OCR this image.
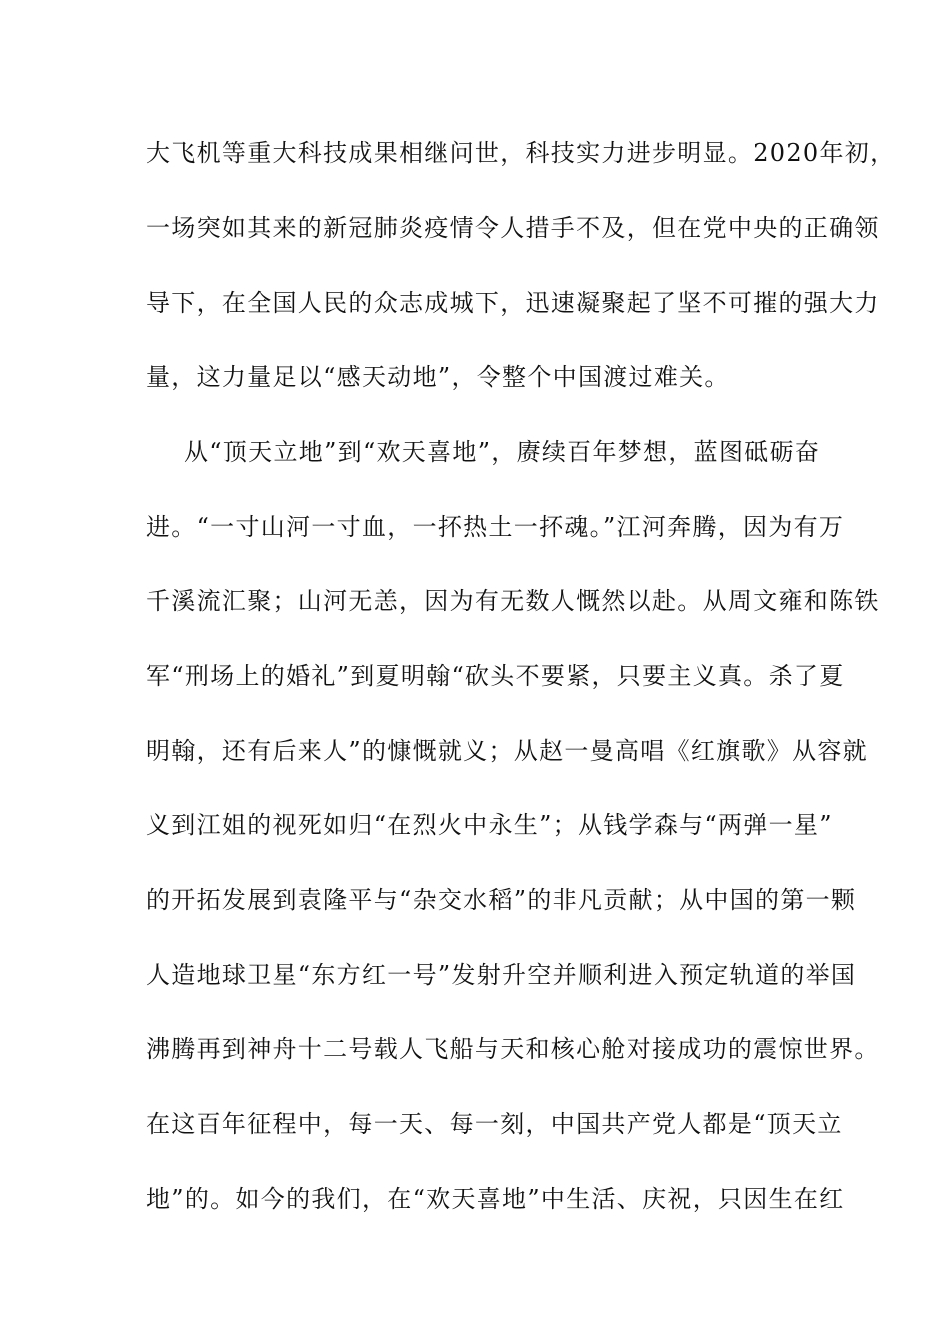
大飞机等重大科技成果相继问世，科技实力进步明显。2020年初，

一场突如其来的新冠肺炎疫情令人措手不及，但在党中央的正确领

导下，在全国人民的众志成城下，迅速凝聚起了坚不可摧的强大力

量，这力量足以“感天动地”，令整个中国渡过难关。

从“顶天立地”到“欢天喜地”，赓续百年梦想，蓝图砥砺奋

进。“一寸山河一寸血，一抔热土一抔魂。”江河奔腾，因为有万

千溪流汇聚；山河无恙，因为有无数人慨然以赴。从周文雍和陈铁

军“刑场上的婚礼”到夏明翰“砍头不要紧，只要主义真。杀了夏

明翰，还有后来人”的慷慨就义；从赵一曼高唱《红旗歌》从容就

义到江姐的视死如归“在烈火中永生”；从钱学森与“两弹一星”

的开拓发展到袁隆平与“杂交水稻”的非凡贡献；从中国的第一颗

人造地球卫星“东方红一号”发射升空并顺利进入预定轨道的举国

沸腾再到神舟十二号载人飞船与天和核心舱对接成功的震惊世界。

在这百年征程中，每一天、每一刻，中国共产党人都是“顶天立

地”的。如今的我们，在“欢天喜地”中生活、庆祝，只因生在红
